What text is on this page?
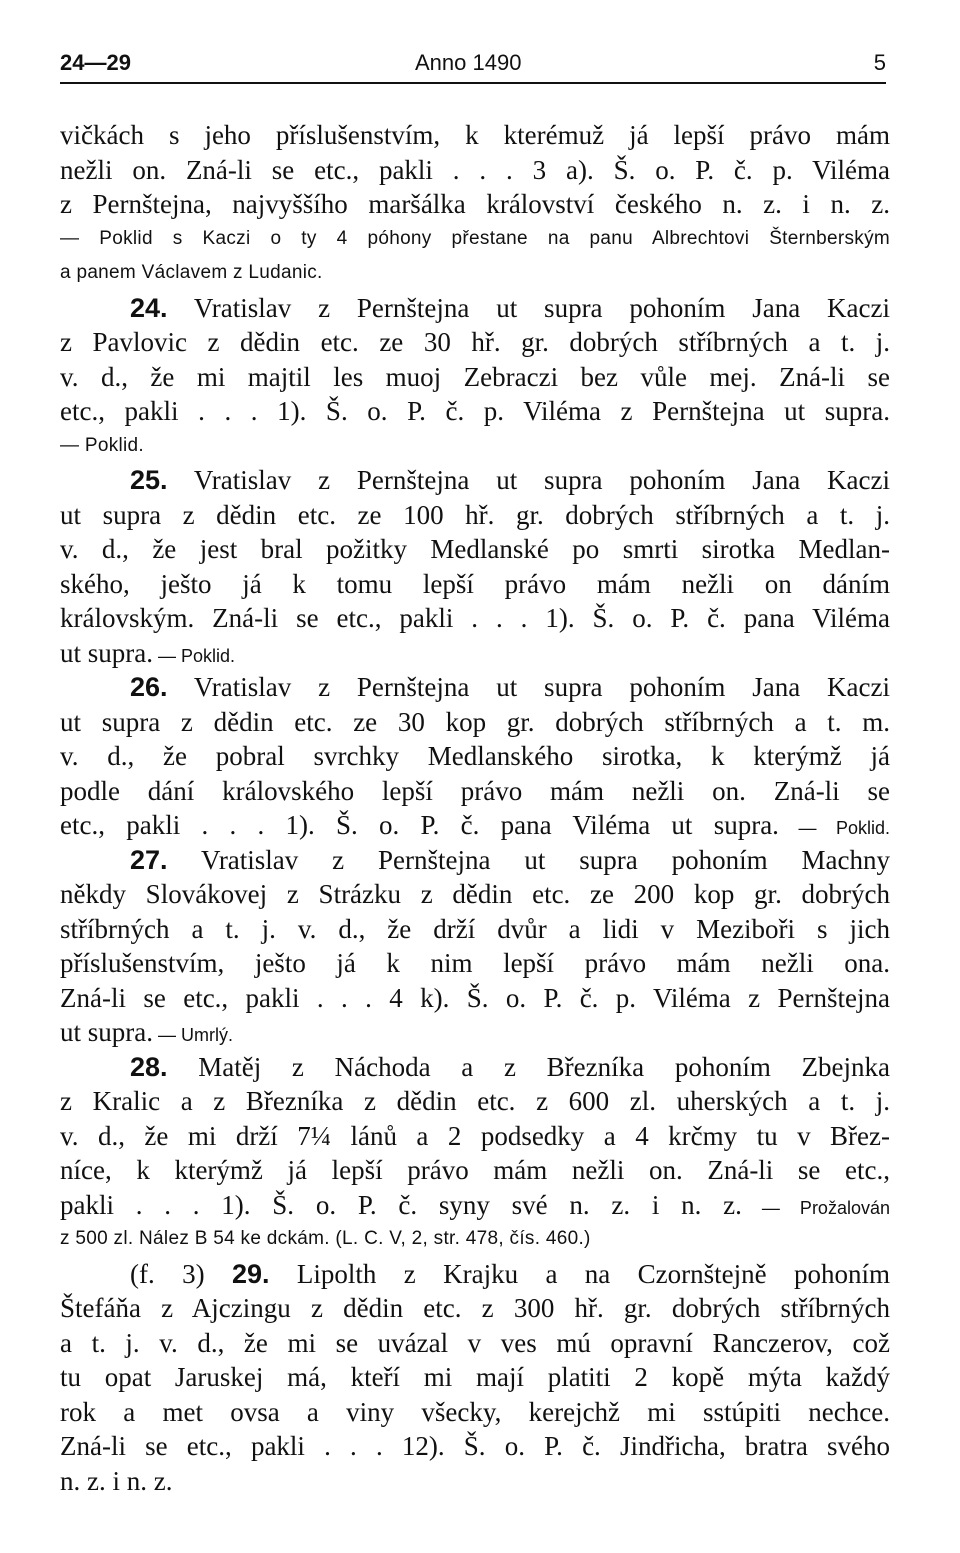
24—29	Anno 1490	5
vičkách s jeho příslušenstvím, k kterémuž já lepší právo mám
nežli on. Zná-li se etc., pakli . . . 3 a). Š. o. P. č. p. Viléma
z Pernštejna, najvyššího maršálka království českého n. z. i n. z.
— Poklid s Kaczi o ty 4 póhony přestane na panu Albrechtovi Šternberským
a panem Václavem z Ludanic.
24. Vratislav z Pernštejna ut supra pohoním Jana Kaczi
z Pavlovic z dědin etc. ze 30 hř. gr. dobrých stříbrných a t. j.
v. d., že mi majtil les muoj Zebraczi bez vůle mej. Zná-li se
etc., pakli . . . 1). Š. o. P. č. p. Viléma z Pernštejna ut supra.
— Poklid.
25. Vratislav z Pernštejna ut supra pohoním Jana Kaczi
ut supra z dědin etc. ze 100 hř. gr. dobrých stříbrných a t. j.
v. d., že jest bral požitky Medlanské po smrti sirotka Medlan-
ského, ješto já k tomu lepší právo mám nežli on dáním
královským. Zná-li se etc., pakli . . . 1). Š. o. P. č. pana Viléma
ut supra. — Poklid.
26. Vratislav z Pernštejna ut supra pohoním Jana Kaczi
ut supra z dědin etc. ze 30 kop gr. dobrých stříbrných a t. m.
v. d., že pobral svrchky Medlanského sirotka, k kterýmž já
podle dání královského lepší právo mám nežli on. Zná-li se
etc., pakli . . . 1). Š. o. P. č. pana Viléma ut supra. — Poklid.
27. Vratislav z Pernštejna ut supra pohoním Machny
někdy Slovákovej z Strázku z dědin etc. ze 200 kop gr. dobrých
stříbrných a t. j. v. d., že drží dvůr a lidi v Meziboři s jich
příslušenstvím, ješto já k nim lepší právo mám nežli ona.
Zná-li se etc., pakli . . . 4 k). Š. o. P. č. p. Viléma z Pernštejna
ut supra. — Umrlý.
28. Matěj z Náchoda a z Březníka pohoním Zbejnka
z Kralic a z Březníka z dědin etc. z 600 zl. uherských a t. j.
v. d., že mi drží 7¼ lánů a 2 podsedky a 4 krčmy tu v Břez-
níce, k kterýmž já lepší právo mám nežli on. Zná-li se etc.,
pakli . . . 1). Š. o. P. č. syny své n. z. i n. z. — Prožalován
z 500 zl. Nález B 54 ke dckám. (L. C. V, 2, str. 478, čís. 460.)
(f. 3) 29. Lipolth z Krajku a na Czornštejně pohoním
Štefáňa z Ajczingu z dědin etc. z 300 hř. gr. dobrých stříbrných
a t. j. v. d., že mi se uvázal v ves mú opravní Ranczerov, což
tu opat Jaruskej má, kteří mi mají platiti 2 kopě mýta každý
rok a met ovsa a viny všecky, kerejchž mi sstúpiti nechce.
Zná-li se etc., pakli . . . 12). Š. o. P. č. Jindřicha, bratra svého
n. z. i n. z.
